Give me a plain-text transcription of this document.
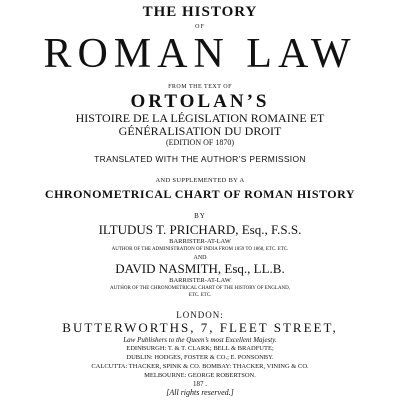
THE HISTORY
OF
ROMAN LAW
FROM THE TEXT OF
ORTOLAN’S
HISTOIRE DE LA LÉGISLATION ROMAINE ET
GÉNÉRALISATION DU DROIT
(EDITION OF 1870)
TRANSLATED WITH THE AUTHOR’S PERMISSION
AND SUPPLEMENTED BY A
CHRONOMETRICAL CHART OF ROMAN HISTORY
BY
ILTUDUS T. PRICHARD, Esq., F.S.S.
BARRISTER-AT-LAW
AUTHOR OF THE ADMINISTRATION OF INDIA FROM 1859 TO 1868, ETC. ETC.
AND
DAVID NASMITH, Esq., LL.B.
BARRISTER-AT-LAW
AUTHOR OF THE CHRONOMETRICAL CHART OF THE HISTORY OF ENGLAND,
ETC. ETC.
LONDON:
BUTTERWORTHS, 7, FLEET STREET,
Law Publishers to the Queen’s most Excellent Majesty.
EDINBURGH: T. & T. CLARK; BELL & BRADFUTE;
DUBLIN: HODGES, FOSTER & CO.; E. PONSONBY.
CALCUTTA: THACKER, SPINK & CO. BOMBAY: THACKER, VINING & CO.
MELBOURNE: GEORGE ROBERTSON.
187 .
[All rights reserved.]
